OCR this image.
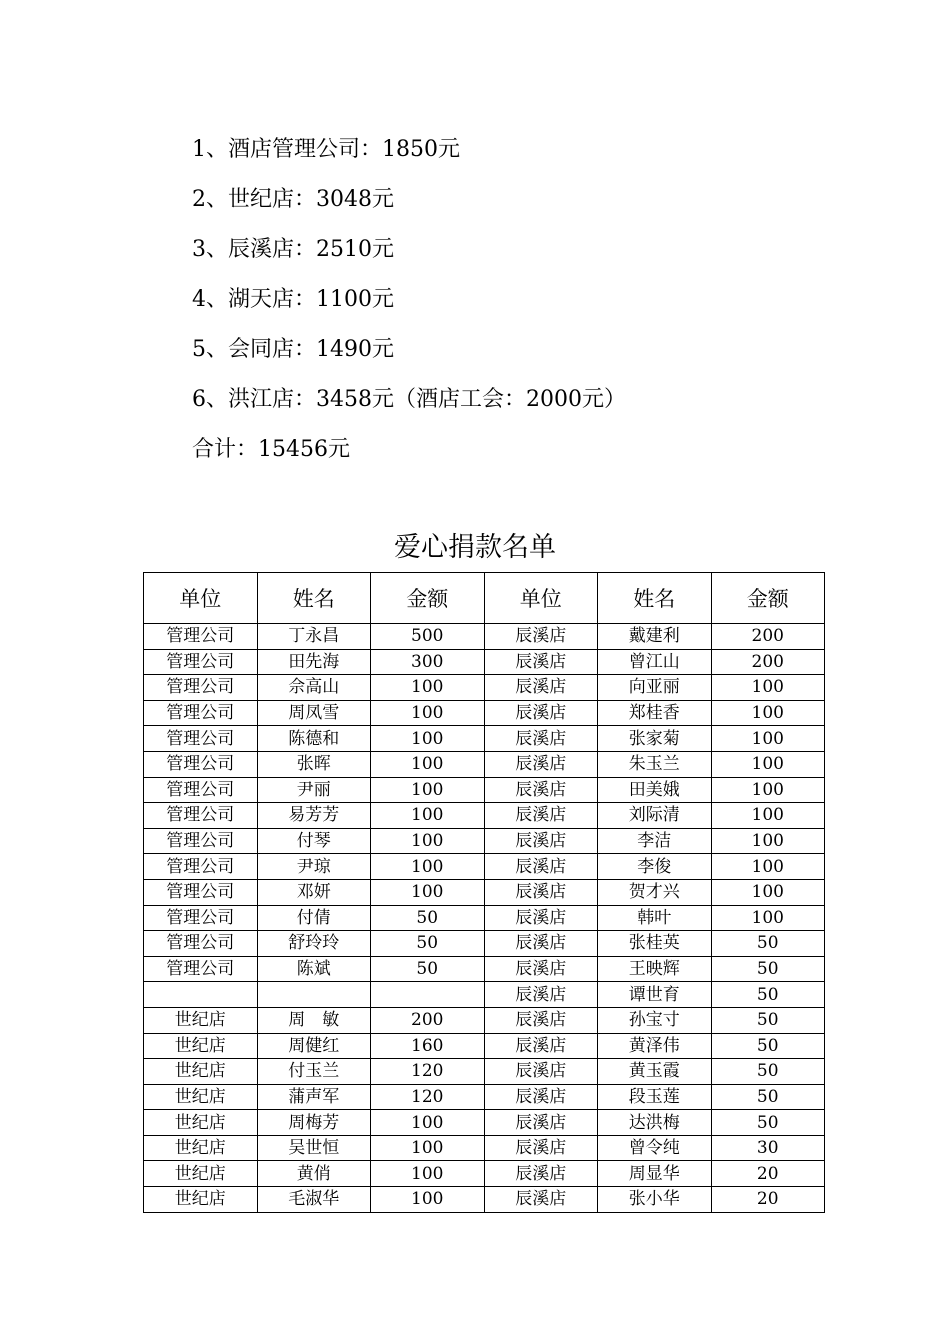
1、酒店管理公司：1850元
2、世纪店：3048元
3、辰溪店：2510元
4、湖天店：1100元
5、会同店：1490元
6、洪江店：3458元（酒店工会：2000元）
合计：15456元
爱心捐款名单
单位	姓名	金额	单位	姓名	金额
管理公司	丁永昌	500	辰溪店	戴建利	200
管理公司	田先海	300	辰溪店	曾江山	200
管理公司	佘高山	100	辰溪店	向亚丽	100
管理公司	周凤雪	100	辰溪店	郑桂香	100
管理公司	陈德和	100	辰溪店	张家菊	100
管理公司	张晖	100	辰溪店	朱玉兰	100
管理公司	尹丽	100	辰溪店	田美娥	100
管理公司	易芳芳	100	辰溪店	刘际清	100
管理公司	付琴	100	辰溪店	李洁	100
管理公司	尹琼	100	辰溪店	李俊	100
管理公司	邓妍	100	辰溪店	贺才兴	100
管理公司	付倩	50	辰溪店	韩叶	100
管理公司	舒玲玲	50	辰溪店	张桂英	50
管理公司	陈斌	50	辰溪店	王映辉	50
			辰溪店	谭世育	50
世纪店	周　敏	200	辰溪店	孙宝寸	50
世纪店	周健红	160	辰溪店	黄泽伟	50
世纪店	付玉兰	120	辰溪店	黄玉霞	50
世纪店	蒲声军	120	辰溪店	段玉莲	50
世纪店	周梅芳	100	辰溪店	达洪梅	50
世纪店	吴世恒	100	辰溪店	曾令纯	30
世纪店	黄俏	100	辰溪店	周显华	20
世纪店	毛淑华	100	辰溪店	张小华	20
